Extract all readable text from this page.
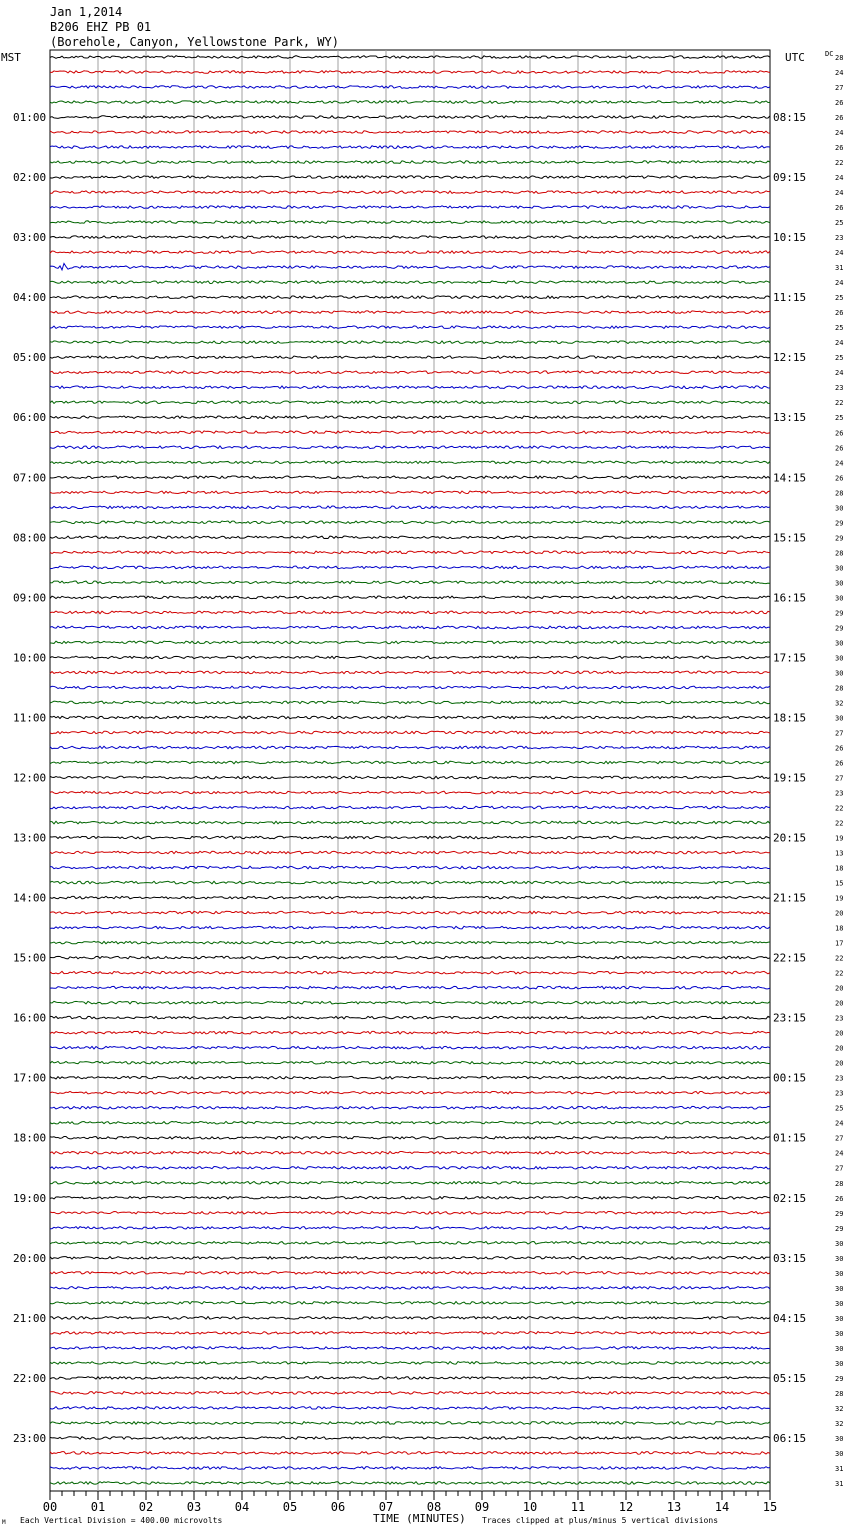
Jan 1,2014
B206 EHZ PB 01
(Borehole, Canyon, Yellowstone Park, WY)
MST	UTC	DC
01:00
02:00
03:00
04:00
05:00
06:00
07:00
08:00
09:00
10:00
11:00
12:00
13:00
14:00
15:00
16:00
17:00
18:00
19:00
20:00
21:00
22:00
23:00
08:15
09:15
10:15
11:15
12:15
13:15
14:15
15:15
16:15
17:15
18:15
19:15
20:15
21:15
22:15
23:15
00:15
01:15
02:15
03:15
04:15
05:15
06:15
28
24
27
26
26
24
26
22
24
24
26
25
23
24
31
24
25
26
25
24
25
24
23
22
25
26
26
24
26
28
30
29
29
28
30
30
30
29
29
30
30
30
28
32
30
27
26
26
27
23
22
22
19
13
18
15
19
20
18
17
22
22
20
20
23
20
20
20
23
23
25
24
27
24
27
28
26
29
29
30
30
30
30
30
30
30
30
30
29
28
32
32
30
30
31
31
00	01	02	03	04	05	06	07	08	09	10	11	12	13	14	15
M Each Vertical Division = 400.00 microvolts	TIME (MINUTES) Traces clipped at plus/minus 5 vertical divisions
